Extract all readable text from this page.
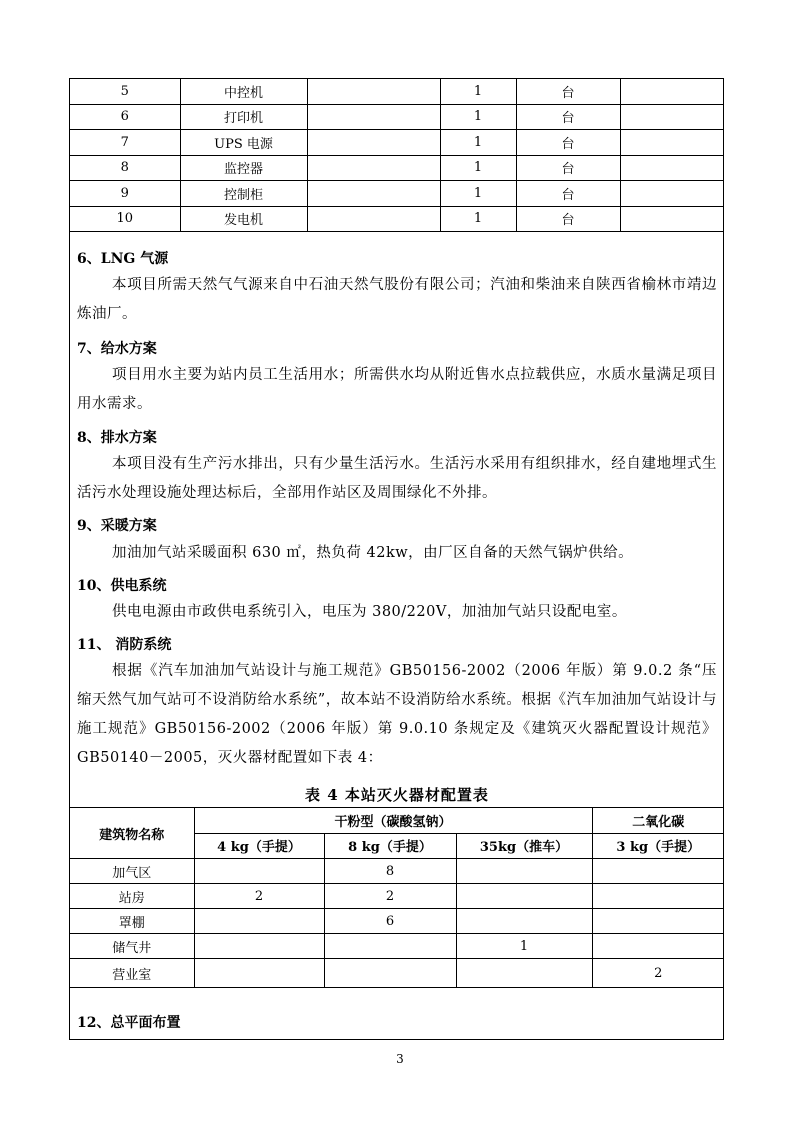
5	中控机		1	台	
6	打印机		1	台	
7	UPS 电源		1	台	
8	监控器		1	台	
9	控制柜		1	台	
10	发电机		1	台	
6、LNG 气源
本项目所需天然气气源来自中石油天然气股份有限公司；汽油和柴油来自陕西省榆林市靖边炼油厂。
7、给水方案
项目用水主要为站内员工生活用水；所需供水均从附近售水点拉载供应，水质水量满足项目用水需求。
8、排水方案
本项目没有生产污水排出，只有少量生活污水。生活污水采用有组织排水，经自建地埋式生活污水处理设施处理达标后，全部用作站区及周围绿化不外排。
9、采暖方案
加油加气站采暖面积 630 ㎡，热负荷 42kw，由厂区自备的天然气锅炉供给。
10、供电系统
供电电源由市政供电系统引入，电压为 380/220V，加油加气站只设配电室。
11、 消防系统
根据《汽车加油加气站设计与施工规范》GB50156-2002（2006 年版）第 9.0.2 条“压缩天然气加气站可不设消防给水系统”，故本站不设消防给水系统。根据《汽车加油加气站设计与施工规范》GB50156-2002（2006 年版）第 9.0.10 条规定及《建筑灭火器配置设计规范》GB50140－2005，灭火器材配置如下表 4：
表 4 本站灭火器材配置表
建筑物名称	干粉型（碳酸氢钠）			二氧化碳
	4 kg（手提）	8 kg（手提）	35kg（推车）	3 kg（手提）
加气区		8		
站房	2	2		
罩棚		6		
储气井			1	
营业室				2
12、总平面布置
3
